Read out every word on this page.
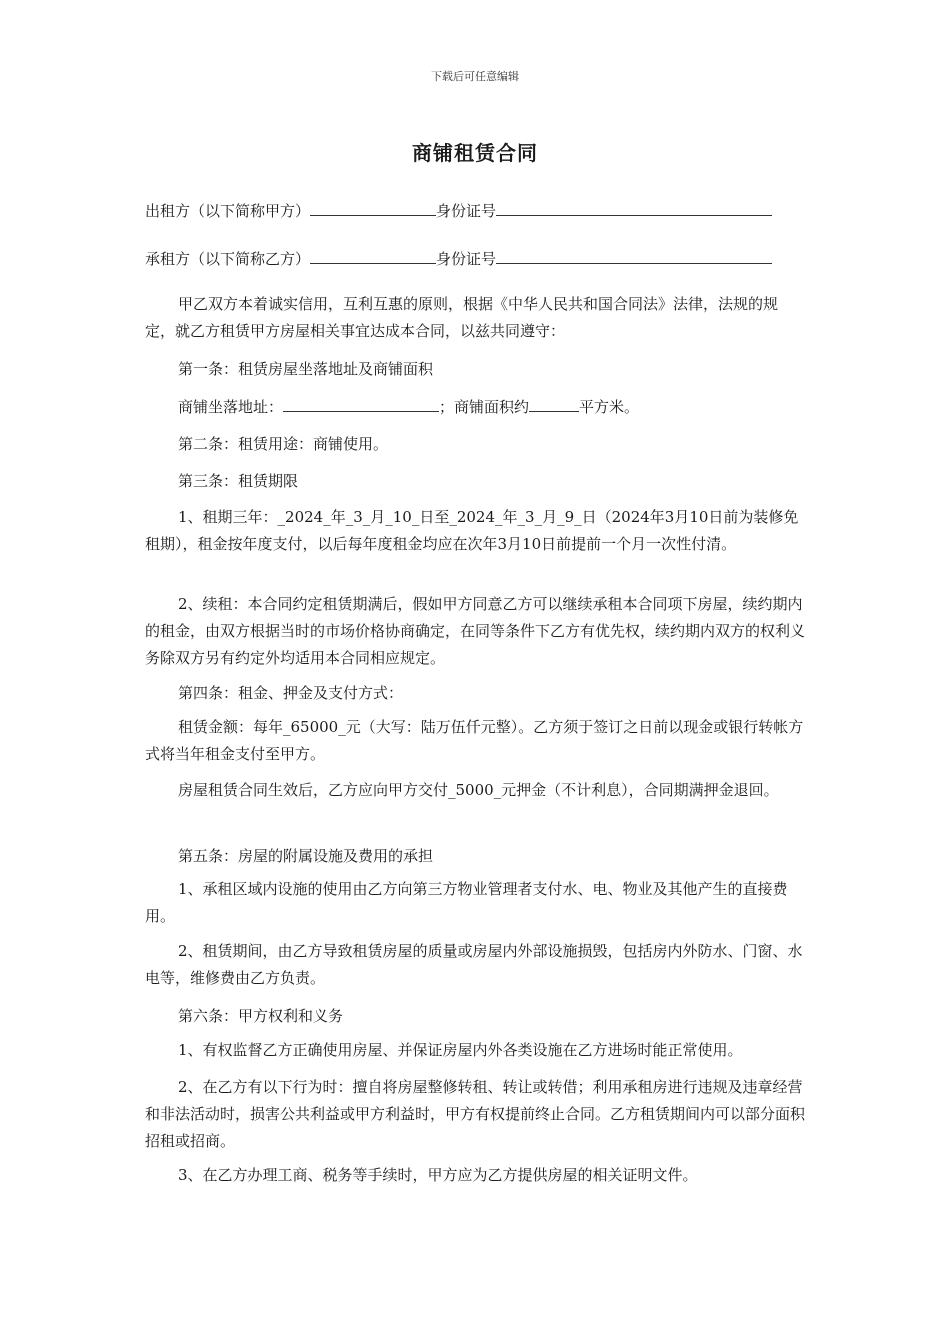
下载后可任意编辑
商铺租赁合同
出租方（以下简称甲方）	身份证号
承租方（以下简称乙方）	身份证号
甲乙双方本着诚实信用，互利互惠的原则，根据《中华人民共和国合同法》法律，法规的规定，就乙方租赁甲方房屋相关事宜达成本合同，以兹共同遵守：
第一条：租赁房屋坐落地址及商铺面积
商铺坐落地址：	；商铺面积约	平方米。
第二条：租赁用途：商铺使用。
第三条：租赁期限
1、租期三年：_2024_年_3_月_10_日至_2024_年_3_月_9_日（2024年3月10日前为装修免租期），租金按年度支付，以后每年度租金均应在次年3月10日前提前一个月一次性付清。
2、续租：本合同约定租赁期满后，假如甲方同意乙方可以继续承租本合同项下房屋，续约期内的租金，由双方根据当时的市场价格协商确定，在同等条件下乙方有优先权，续约期内双方的权利义务除双方另有约定外均适用本合同相应规定。
第四条：租金、押金及支付方式：
租赁金额：每年_65000_元（大写：陆万伍仟元整）。乙方须于签订之日前以现金或银行转帐方式将当年租金支付至甲方。
房屋租赁合同生效后，乙方应向甲方交付_5000_元押金（不计利息），合同期满押金退回。
第五条：房屋的附属设施及费用的承担
1、承租区域内设施的使用由乙方向第三方物业管理者支付水、电、物业及其他产生的直接费用。
2、租赁期间，由乙方导致租赁房屋的质量或房屋内外部设施损毁，包括房内外防水、门窗、水电等，维修费由乙方负责。
第六条：甲方权利和义务
1、有权监督乙方正确使用房屋、并保证房屋内外各类设施在乙方进场时能正常使用。
2、在乙方有以下行为时：擅自将房屋整修转租、转让或转借；利用承租房进行违规及违章经营和非法活动时，损害公共利益或甲方利益时，甲方有权提前终止合同。乙方租赁期间内可以部分面积招租或招商。
3、在乙方办理工商、税务等手续时，甲方应为乙方提供房屋的相关证明文件。
